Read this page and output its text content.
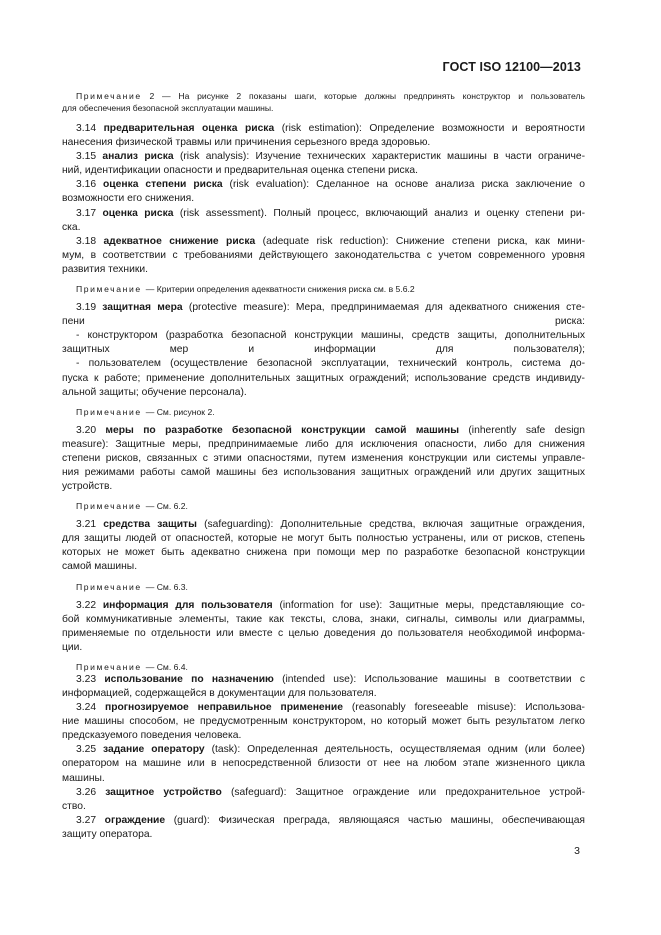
ГОСТ ISO 12100—2013
Примечание 2 — На рисунке 2 показаны шаги, которые должны предпринять конструктор и пользователь
для обеспечения безопасной эксплуатации машины.
3.14 предварительная оценка риска (risk estimation): Определение возможности и вероятности
нанесения физической травмы или причинения серьезного вреда здоровью.
3.15 анализ риска (risk analysis): Изучение технических характеристик машины в части ограниче-
ний, идентификации опасности и предварительная оценка степени риска.
3.16 оценка степени риска (risk evaluation): Сделанное на основе анализа риска заключение о
возможности его снижения.
3.17 оценка риска (risk assessment). Полный процесс, включающий анализ и оценку степени ри-
ска.
3.18 адекватное снижение риска (adequate risk reduction): Снижение степени риска, как мини-
мум, в соответствии с требованиями действующего законодательства с учетом современного уровня
развития техники.
Примечание — Критерии определения адекватности снижения риска см. в 5.6.2
3.19 защитная мера (protective measure): Мера, предпринимаемая для адекватного снижения сте-
пени риска:
- конструктором (разработка безопасной конструкции машины, средств защиты, дополнительных
защитных мер и информации для пользователя);
- пользователем (осуществление безопасной эксплуатации, технический контроль, система до-
пуска к работе; применение дополнительных защитных ограждений; использование средств индивиду-
альной защиты; обучение персонала).
Примечание — См. рисунок 2.
3.20 меры по разработке безопасной конструкции самой машины (inherently safe design
measure): Защитные меры, предпринимаемые либо для исключения опасности, либо для снижения
степени рисков, связанных с этими опасностями, путем изменения конструкции или системы управле-
ния режимами работы самой машины без использования защитных ограждений или других защитных
устройств.
Примечание — См. 6.2.
3.21 средства защиты (safeguarding): Дополнительные средства, включая защитные ограждения,
для защиты людей от опасностей, которые не могут быть полностью устранены, или от рисков, степень
которых не может быть адекватно снижена при помощи мер по разработке безопасной конструкции
самой машины.
Примечание — См. 6.3.
3.22 информация для пользователя (information for use): Защитные меры, представляющие со-
бой коммуникативные элементы, такие как тексты, слова, знаки, сигналы, символы или диаграммы,
применяемые по отдельности или вместе с целью доведения до пользователя необходимой информа-
ции.
Примечание — См. 6.4.
3.23 использование по назначению (intended use): Использование машины в соответствии с
информацией, содержащейся в документации для пользователя.
3.24 прогнозируемое неправильное применение (reasonably foreseeable misuse): Использова-
ние машины способом, не предусмотренным конструктором, но который может быть результатом легко
предсказуемого поведения человека.
3.25 задание оператору (task): Определенная деятельность, осуществляемая одним (или более)
оператором на машине или в непосредственной близости от нее на любом этапе жизненного цикла
машины.
3.26 защитное устройство (safeguard): Защитное ограждение или предохранительное устрой-
ство.
3.27 ограждение (guard): Физическая преграда, являющаяся частью машины, обеспечивающая
защиту оператора.
3
